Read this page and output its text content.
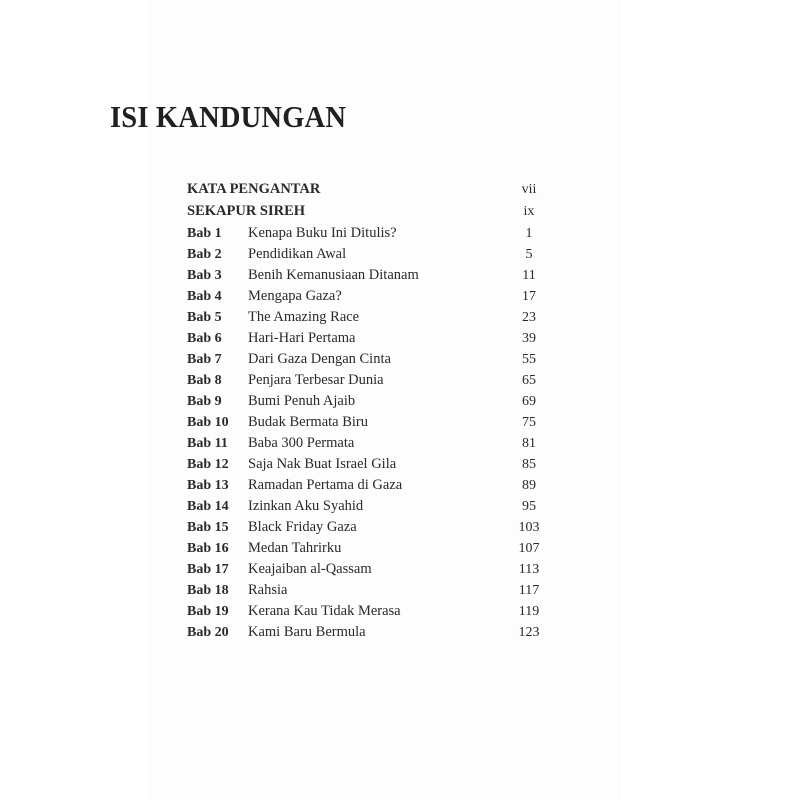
ISI KANDUNGAN
KATA PENGANTAR	vii
SEKAPUR SIREH	ix
Bab 1 Kenapa Buku Ini Ditulis?	1
Bab 2 Pendidikan Awal	5
Bab 3 Benih Kemanusiaan Ditanam	11
Bab 4 Mengapa Gaza?	17
Bab 5 The Amazing Race	23
Bab 6 Hari-Hari Pertama	39
Bab 7 Dari Gaza Dengan Cinta	55
Bab 8 Penjara Terbesar Dunia	65
Bab 9 Bumi Penuh Ajaib	69
Bab 10 Budak Bermata Biru	75
Bab 11 Baba 300 Permata	81
Bab 12 Saja Nak Buat Israel Gila	85
Bab 13 Ramadan Pertama di Gaza	89
Bab 14 Izinkan Aku Syahid	95
Bab 15 Black Friday Gaza	103
Bab 16 Medan Tahrirku	107
Bab 17 Keajaiban al-Qassam	113
Bab 18 Rahsia	117
Bab 19 Kerana Kau Tidak Merasa	119
Bab 20 Kami Baru Bermula	123
